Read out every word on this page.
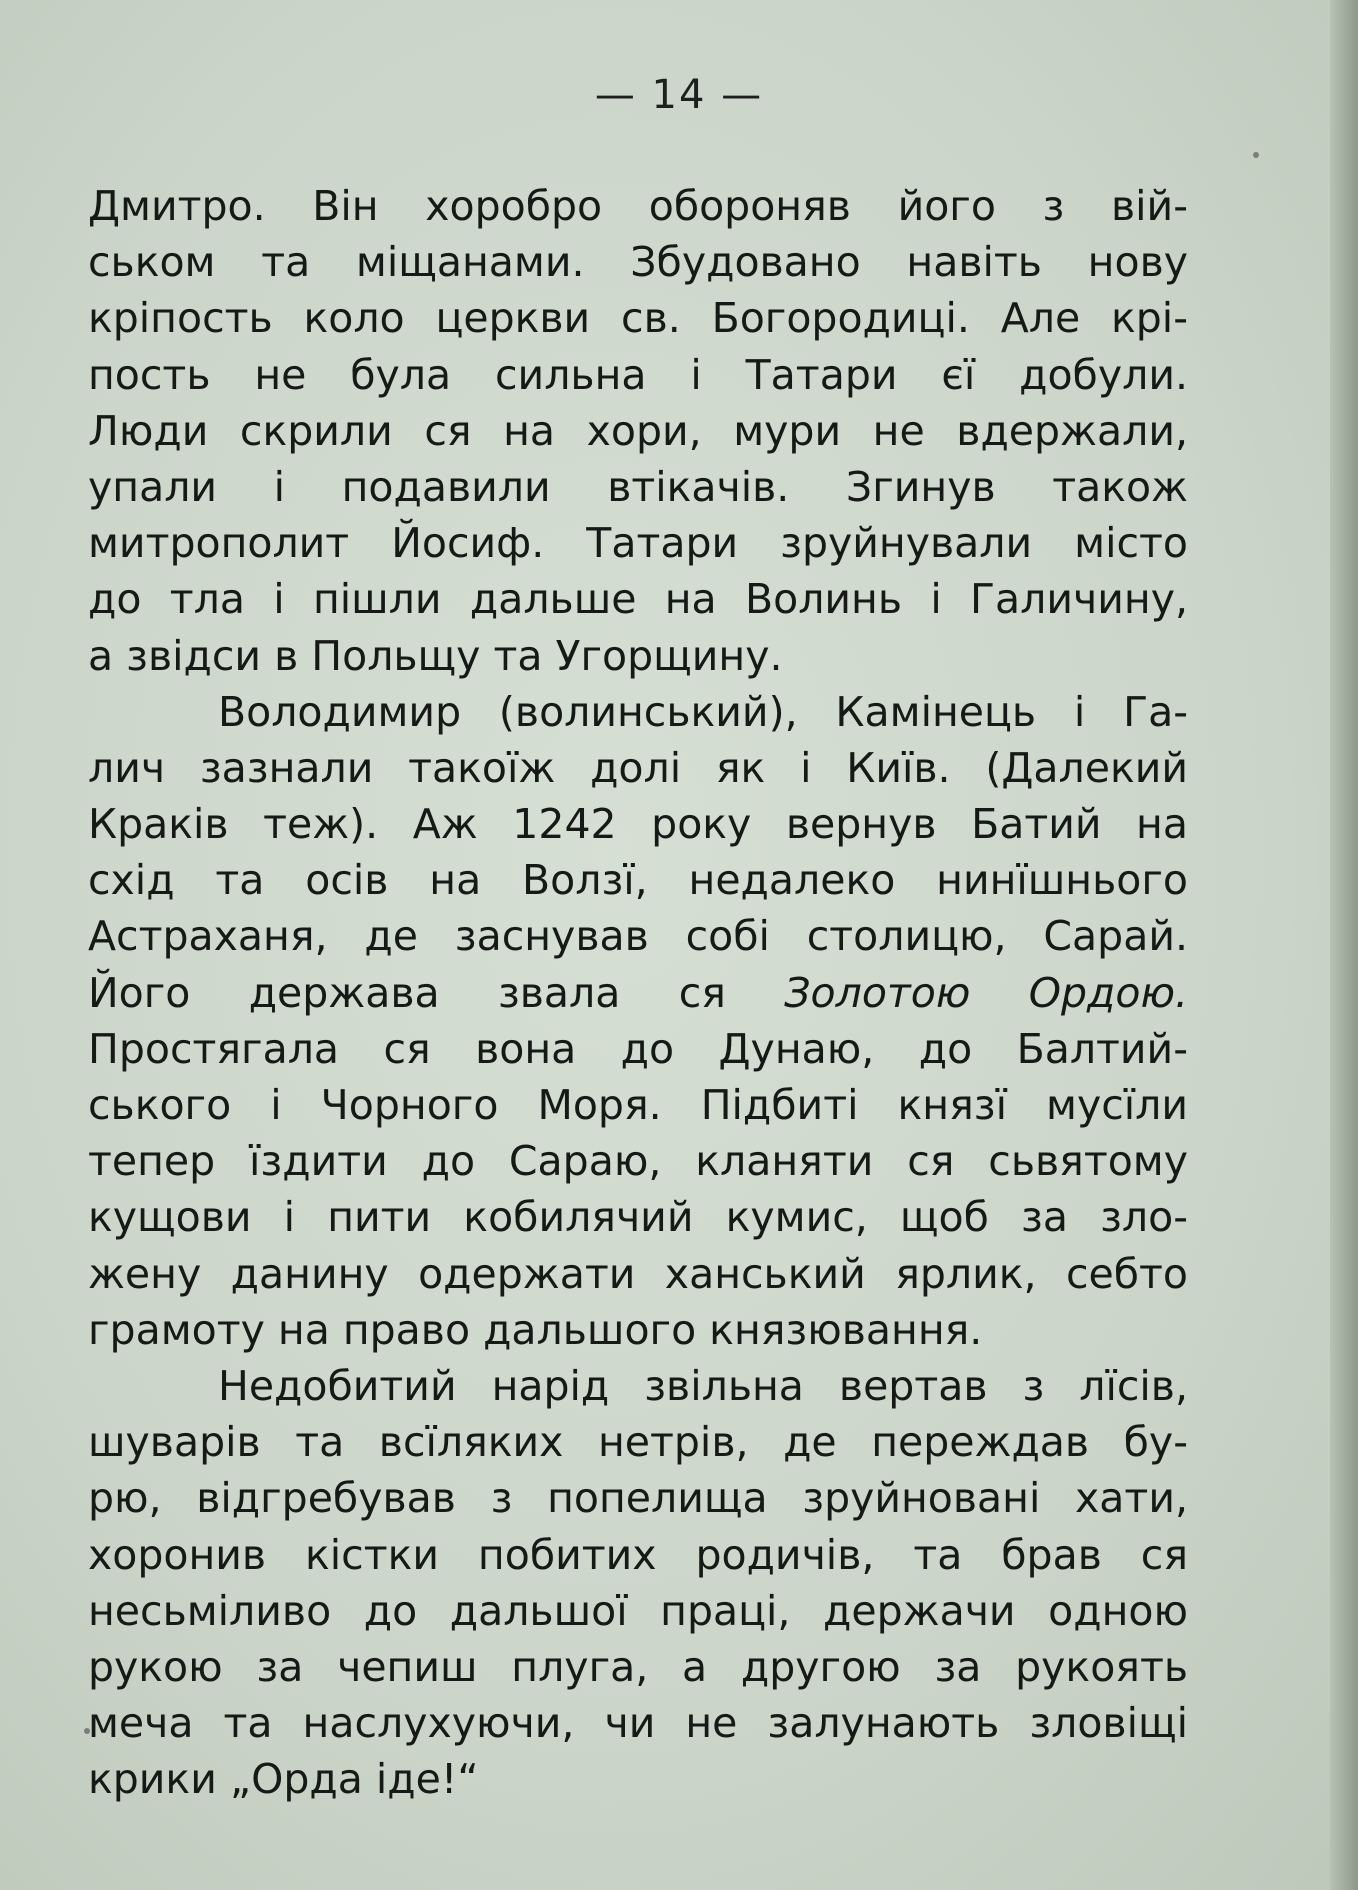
— 14 —
Дмитро. Він хоробро обороняв його з вій-
ськом та міщанами. Збудовано навіть нову
кріпость коло церкви св. Богородиці. Але крі-
пость не була сильна і Татари єї добули.
Люди скрили ся на хори, мури не вдержали,
упали і подавили втікачів. Згинув також
митрополит Йосиф. Татари зруйнували місто
до тла і пішли дальше на Волинь і Галичину,
а звідси в Польщу та Угорщину.
Володимир (волинський), Камінець і Га-
лич зазнали такоїж долі як і Київ. (Далекий
Краків теж). Аж 1242 року вернув Батий на
схід та осів на Волзї, недалеко нинїшнього
Астраханя, де заснував собі столицю, Сарай.
Його держава звала ся Золотою Ордою.
Простягала ся вона до Дунаю, до Балтий-
ського і Чорного Моря. Підбиті князї мусїли
тепер їздити до Сараю, кланяти ся сьвятому
кущови і пити кобилячий кумис, щоб за зло-
жену данину одержати ханський ярлик, себто
грамоту на право дальшого князювання.
Недобитий нарід звільна вертав з лїсів,
шуварів та всїляких нетрів, де переждав бу-
рю, відгребував з попелища зруйновані хати,
хоронив кістки побитих родичів, та брав ся
несьміливо до дальшої праці, держачи одною
рукою за чепиш плуга, а другою за рукоять
меча та наслухуючи, чи не залунають зловіщі
крики „Орда іде!“
